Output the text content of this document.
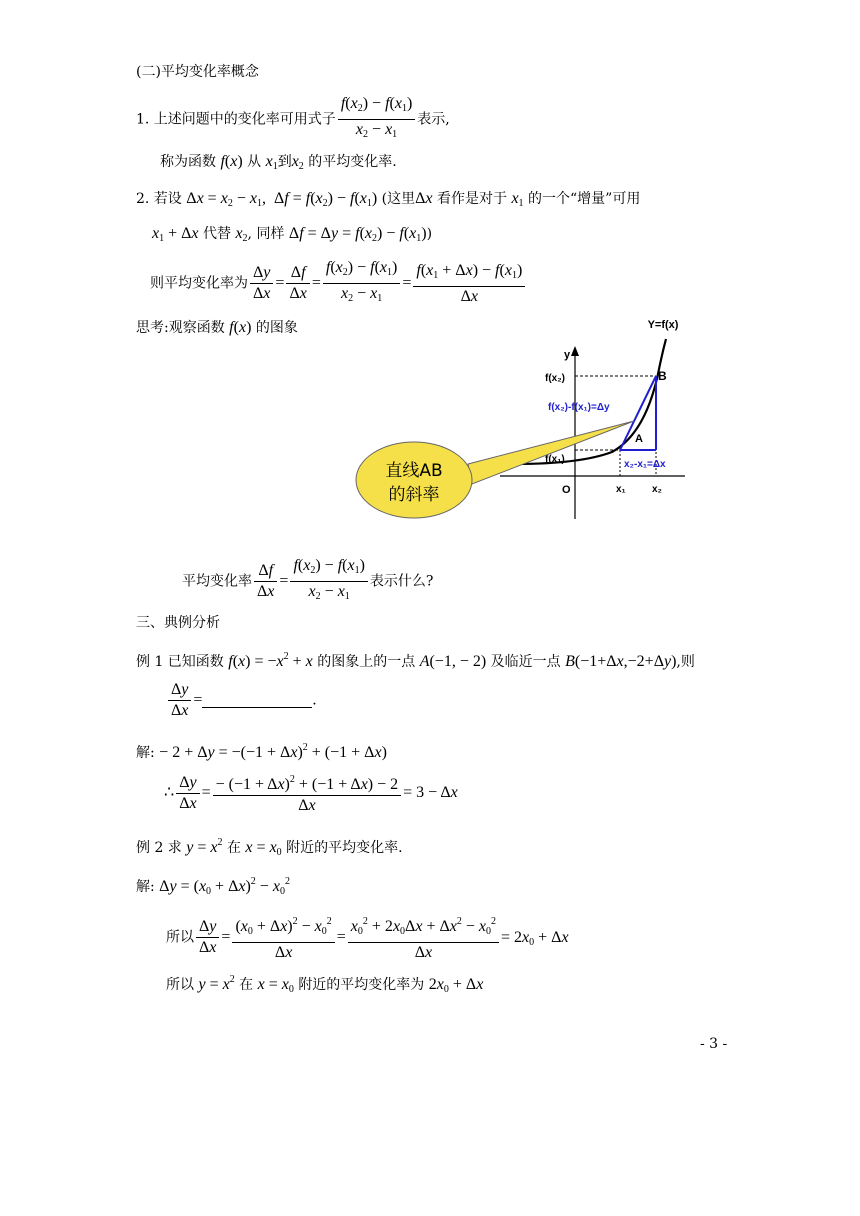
(二)平均变化率概念
1. 上述问题中的变化率可用式子 $\frac{f(x_2) - f(x_1)}{x_2 - x_1}$ 表示,
称为函数 f(x) 从 $x_1$到$x_2$ 的平均变化率.
2. 若设 $\Delta x = x_2 - x_1$,  $\Delta f = f(x_2) - f(x_1)$ (这里Δx 看作是对于 $x_1$ 的一个“增量”可用
$x_1 + \Delta x$ 代替 $x_2$, 同样 $\Delta f = \Delta y = f(x_2) - f(x_1)$)
则平均变化率为 $\frac{\Delta y}{\Delta x} = \frac{\Delta f}{\Delta x} = \frac{f(x_2) - f(x_1)}{x_2 - x_1} = \frac{f(x_1 + \Delta x) - f(x_1)}{\Delta x}$
思考:观察函数 f(x) 的图象	Y=f(x)
y
O
f(x₂)
f(x₁)
B
A
f(x₂)-f(x₁)=Δy
x₂-x₁=Δx
x₁	x₂
直线AB
的斜率
平均变化率 $\frac{\Delta f}{\Delta x} = \frac{f(x_2) - f(x_1)}{x_2 - x_1}$ 表示什么?
三、典例分析
例 1 已知函数 $f(x) = -x^2 + x$ 的图象上的一点 A(−1, − 2) 及临近一点 B(−1+Δx,−2+Δy),则
$\frac{\Delta y}{\Delta x}$ =	.
解: − $2 + \Delta y = -(-1 + \Delta x)^2 + (-1 + \Delta x)$
∴ $\frac{\Delta y}{\Delta x} = \frac{- (-1 + \Delta x)^2 + (-1 + \Delta x) - 2}{\Delta x} = 3 - \Delta x$
例 2 求 $y = x^2$ 在 $x = x_0$ 附近的平均变化率.
解: $\Delta y = (x_0 + \Delta x)^2 - x_0^2$
所以 $\frac{\Delta y}{\Delta x} = \frac{(x_0 + \Delta x)^2 - x_0^2}{\Delta x} = \frac{x_0^2 + 2x_0\Delta x + \Delta x^2 - x_0^2}{\Delta x} = 2x_0 + \Delta x$
所以 $y = x^2$ 在 $x = x_0$ 附近的平均变化率为 $2x_0 + \Delta x$
- 3 -
